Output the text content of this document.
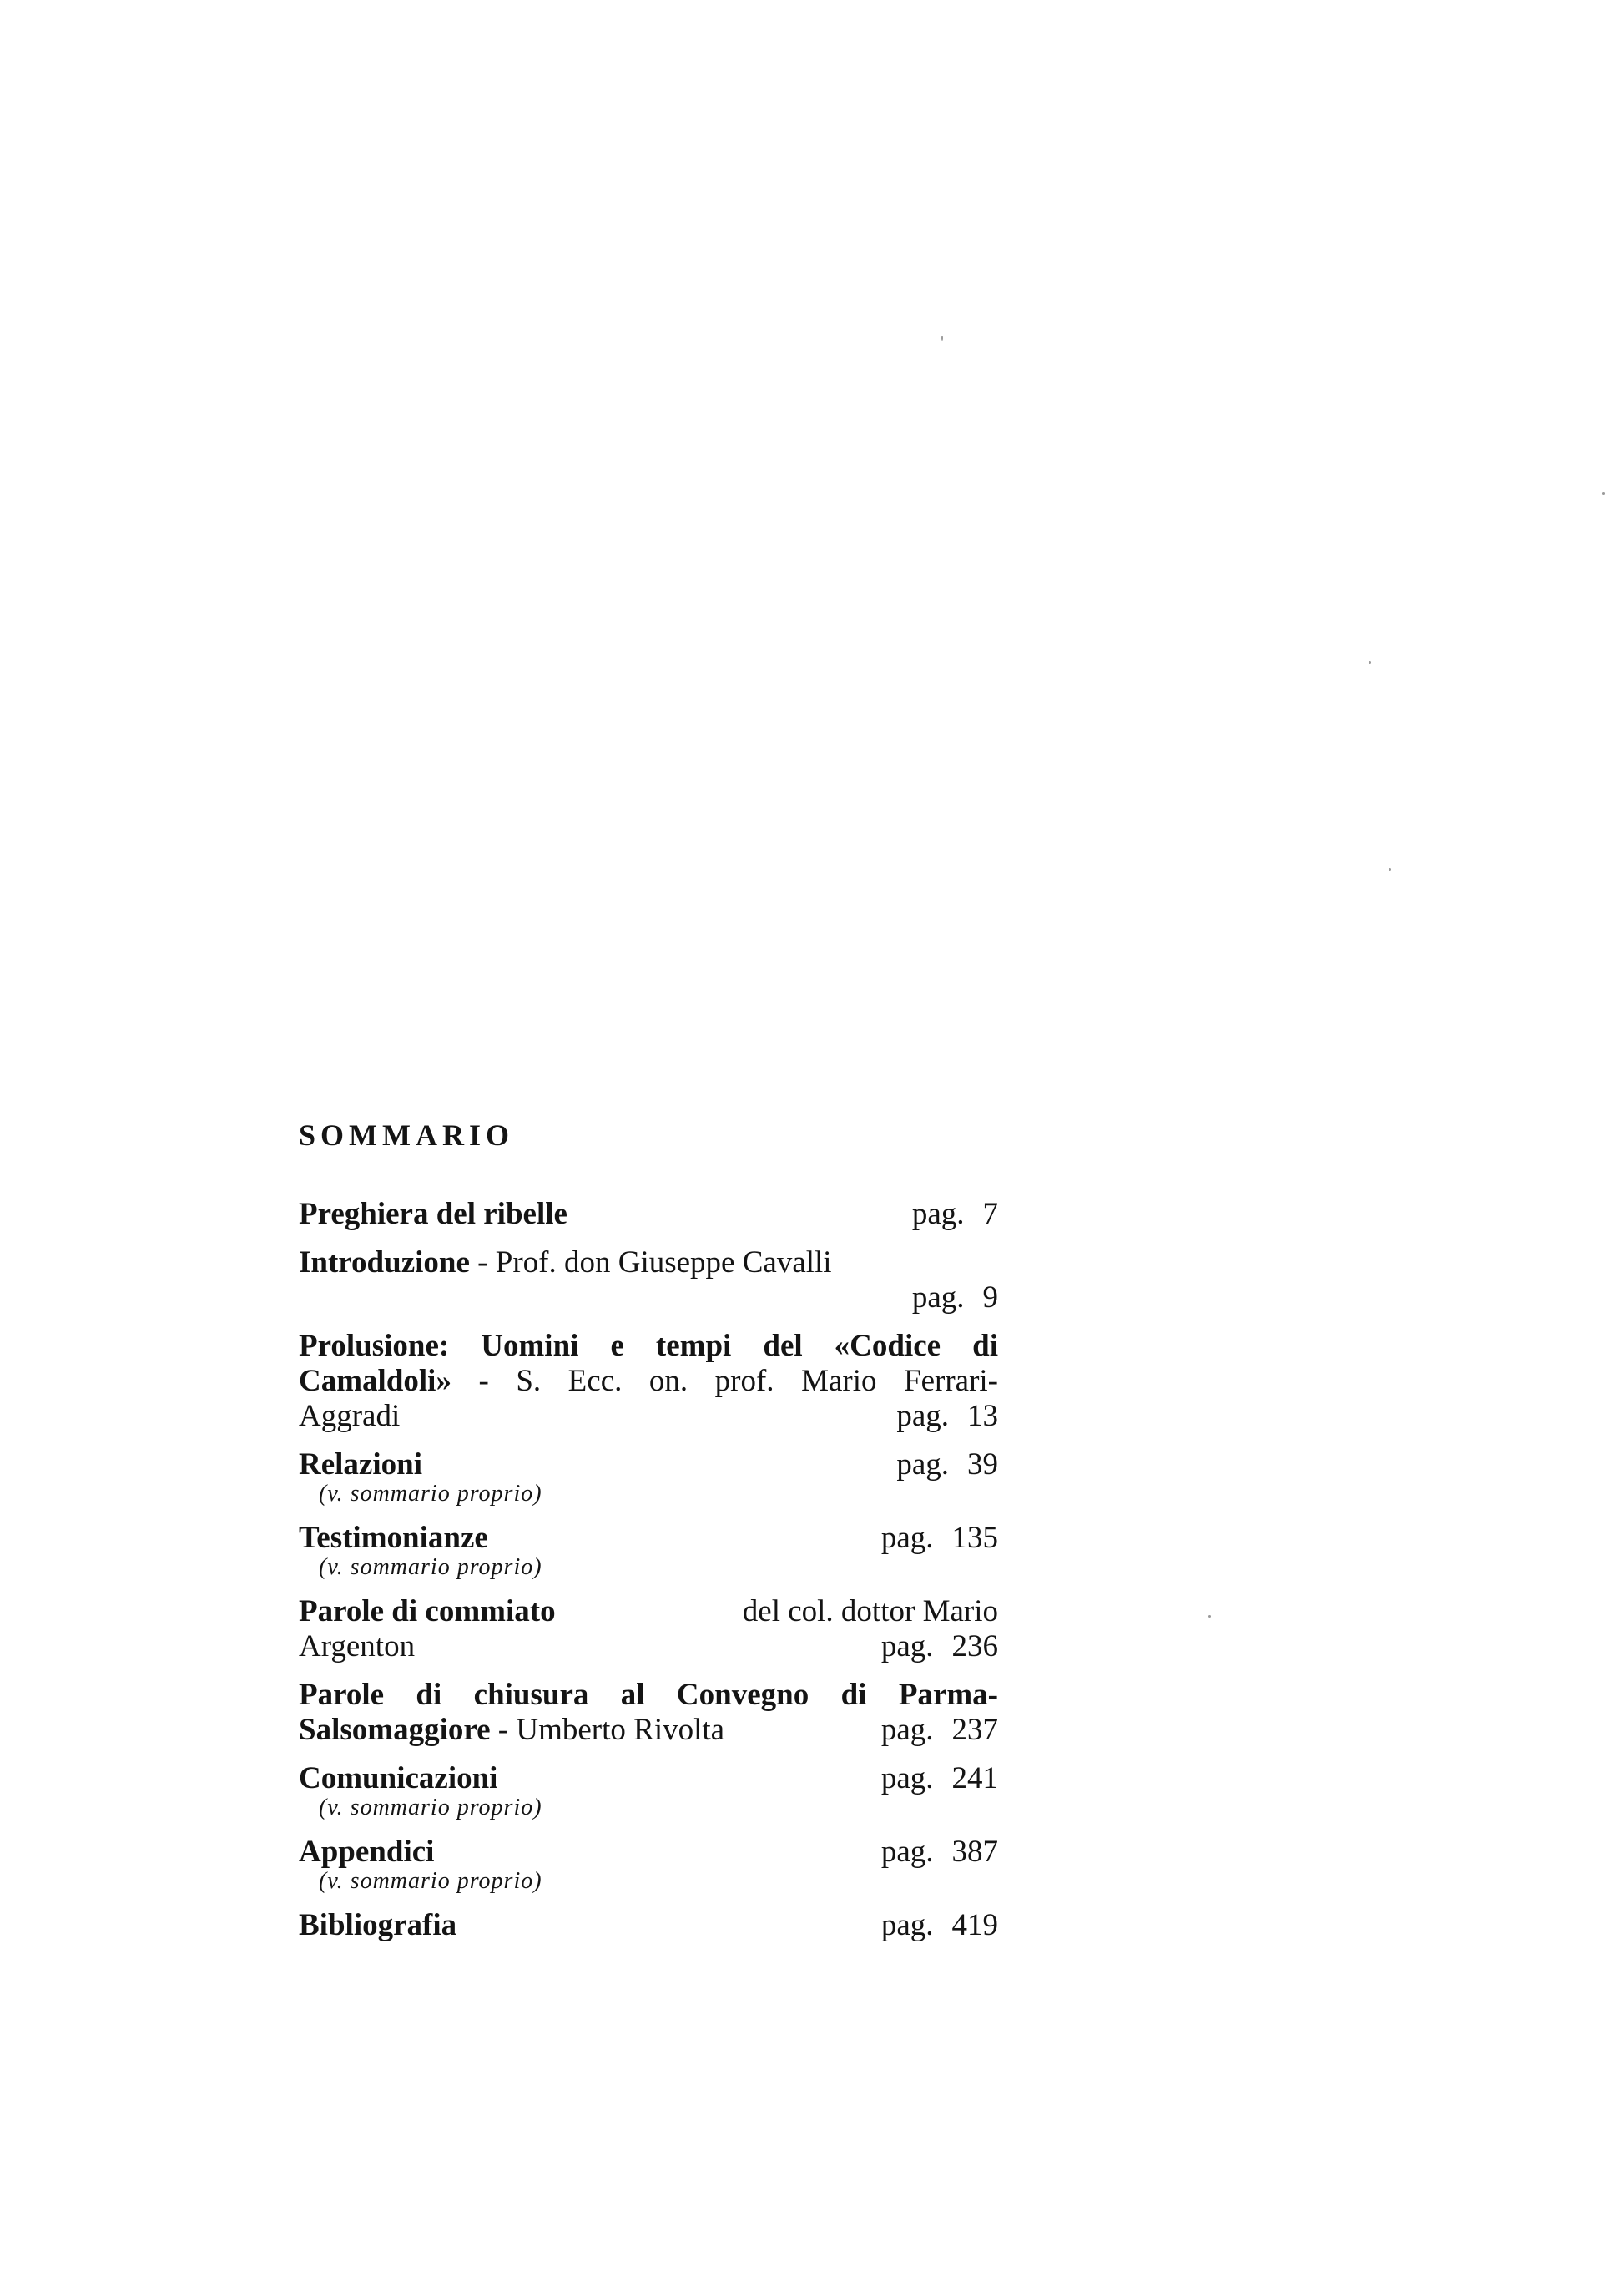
SOMMARIO
Preghiera del ribelle	pag. 7
Introduzione - Prof. don Giuseppe Cavalli
pag. 9
Prolusione: Uomini e tempi del «Codice di
Camaldoli» - S. Ecc. on. prof. Mario Ferrari-
Aggradi	pag. 13
Relazioni	pag. 39
(v. sommario proprio)
Testimonianze	pag. 135
(v. sommario proprio)
Parole di commiato	del col. dottor Mario
Argenton	pag. 236
Parole di chiusura al Convegno di Parma-
Salsomaggiore - Umberto Rivolta	pag. 237
Comunicazioni	pag. 241
(v. sommario proprio)
Appendici	pag. 387
(v. sommario proprio)
Bibliografia	pag. 419
